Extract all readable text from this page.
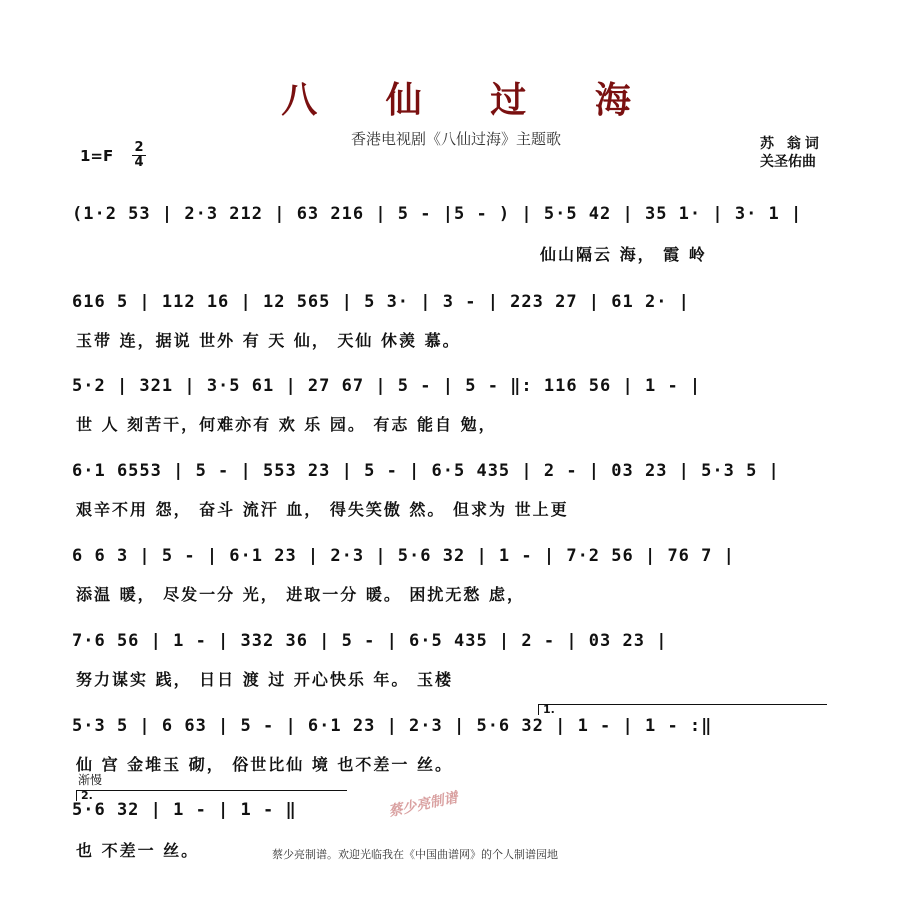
八 仙 过 海
香港电视剧《八仙过海》主题歌
1=F 2
4
苏 翁词
关圣佑曲
(1·2 53 | 2·3 212 | 63 216 | 5 - |5 - ) | 5·5 42 | 35 1· | 3· 1 |
仙山隔云 海， 霞 岭
616 5 | 112 16 | 12 565 | 5 3· | 3 - | 223 27 | 61 2· |
玉带 连，据说 世外 有 天 仙， 天仙 休羡 慕。
5·2 | 321 | 3·5 61 | 27 67 | 5 - | 5 - ‖: 116 56 | 1 - |
世 人 刻苦干，何难亦有 欢 乐 园。 有志 能自 勉，
6·1 6553 | 5 - | 553 23 | 5 - | 6·5 435 | 2 - | 03 23 | 5·3 5 |
艰辛不用 怨， 奋斗 流汗 血， 得失笑傲 然。 但求为 世上更
6 6 3 | 5 - | 6·1 23 | 2·3 | 5·6 32 | 1 - | 7·2 56 | 76 7 |
添温 暖， 尽发一分 光， 进取一分 暖。 困扰无愁 虑，
7·6 56 | 1 - | 332 36 | 5 - | 6·5 435 | 2 - | 03 23 |
努力谋实 践， 日日 渡 过 开心快乐 年。 玉楼
1.
5·3 5 | 6 63 | 5 - | 6·1 23 | 2·3 | 5·6 32 | 1 - | 1 - :‖
仙 宫 金堆玉 砌， 俗世比仙 境 也不差一 丝。
渐慢
2.
5·6 32 | 1 - | 1 - ‖
也 不差一 丝。
蔡少亮制谱
蔡少亮制谱。欢迎光临我在《中国曲谱网》的个人制谱园地
